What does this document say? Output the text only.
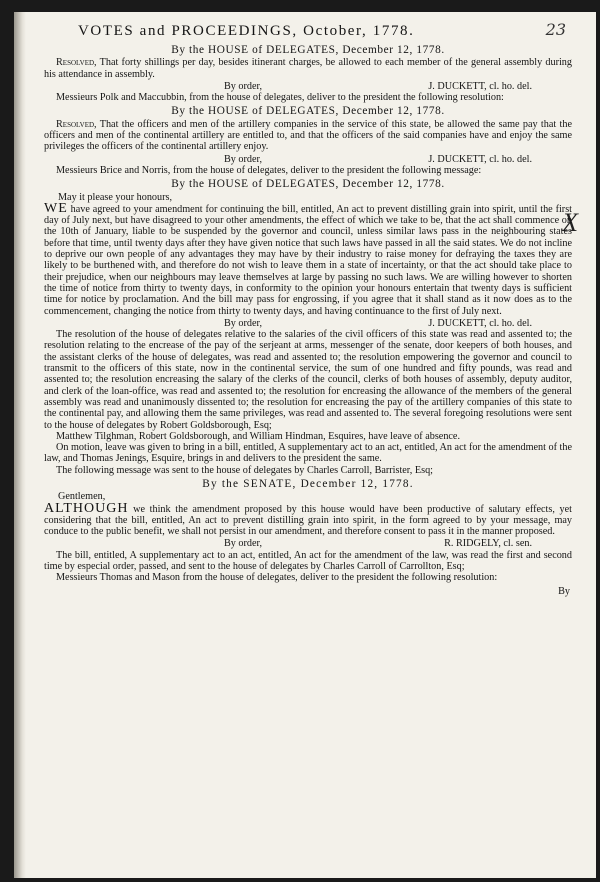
X
VOTES and PROCEEDINGS, October, 1778.	23
By the HOUSE of DELEGATES, December 12, 1778.

Resolved, That forty shillings per day, besides itinerant charges, be allowed to each member of the general assembly during his attendance in assembly.

By order,	J. DUCKETT, cl. ho. del.

Messieurs Polk and Maccubbin, from the house of delegates, deliver to the president the following resolution:

By the HOUSE of DELEGATES, December 12, 1778.

Resolved, That the officers and men of the artillery companies in the service of this state, be allowed the same pay that the officers and men of the continental artillery are entitled to, and that the officers of the said companies have and enjoy the same privileges the officers of the continental artillery enjoy.

By order,	J. DUCKETT, cl. ho. del.

Messieurs Brice and Norris, from the house of delegates, deliver to the president the following message:

By the HOUSE of DELEGATES, December 12, 1778.

May it please your honours,

WE have agreed to your amendment for continuing the bill, entitled, An act to prevent distilling grain into spirit, until the first day of July next, but have disagreed to your other amendments, the effect of which we take to be, that the act shall commence on the 10th of January, liable to be suspended by the governor and council, unless similar laws pass in the neighbouring states before that time, until twenty days after they have given notice that such laws have passed in all the said states. We do not incline to deprive our own people of any advantages they may have by their industry to raise money for defraying the taxes they are likely to be burthened with, and therefore do not wish to leave them in a state of incertainty, or that the act should take place to their prejudice, when our neighbours may leave themselves at large by passing no such laws. We are willing however to shorten the time of notice from thirty to twenty days, in conformity to the opinion your honours entertain that twenty days is sufficient time for notice by proclamation. And the bill may pass for engrossing, if you agree that it shall stand as it now does as to the commencement, changing the notice from thirty to twenty days, and having continuance to the first of July next.

By order,	J. DUCKETT, cl. ho. del.

The resolution of the house of delegates relative to the salaries of the civil officers of this state was read and assented to; the resolution relating to the encrease of the pay of the serjeant at arms, messenger of the senate, door keepers of both houses, and the assistant clerks of the house of delegates, was read and assented to; the resolution empowering the governor and council to transmit to the officers of this state, now in the continental service, the sum of one hundred and fifty pounds, was read and assented to; the resolution encreasing the salary of the clerks of the council, clerks of both houses of assembly, deputy auditor, and clerk of the loan-office, was read and assented to; the resolution for encreasing the allowance of the members of the general assembly was read and unanimously dissented to; the resolution for encreasing the pay of the artillery companies of this state to the continental pay, and allowing them the same privileges, was read and assented to. The several foregoing resolutions were sent to the house of delegates by Robert Goldsborough, Esq;

Matthew Tilghman, Robert Goldsborough, and William Hindman, Esquires, have leave of absence.

On motion, leave was given to bring in a bill, entitled, A supplementary act to an act, entitled, An act for the amendment of the law, and Thomas Jenings, Esquire, brings in and delivers to the president the same.

The following message was sent to the house of delegates by Charles Carroll, Barrister, Esq;

By the SENATE, December 12, 1778.

Gentlemen,

ALTHOUGH we think the amendment proposed by this house would have been productive of salutary effects, yet considering that the bill, entitled, An act to prevent distilling grain into spirit, in the form agreed to by your message, may conduce to the public benefit, we shall not persist in our amendment, and therefore consent to pass it in the manner proposed.

By order,	R. RIDGELY, cl. sen.

The bill, entitled, A supplementary act to an act, entitled, An act for the amendment of the law, was read the first and second time by especial order, passed, and sent to the house of delegates by Charles Carroll of Carrollton, Esq;

Messieurs Thomas and Mason from the house of delegates, deliver to the president the following resolution:

By
